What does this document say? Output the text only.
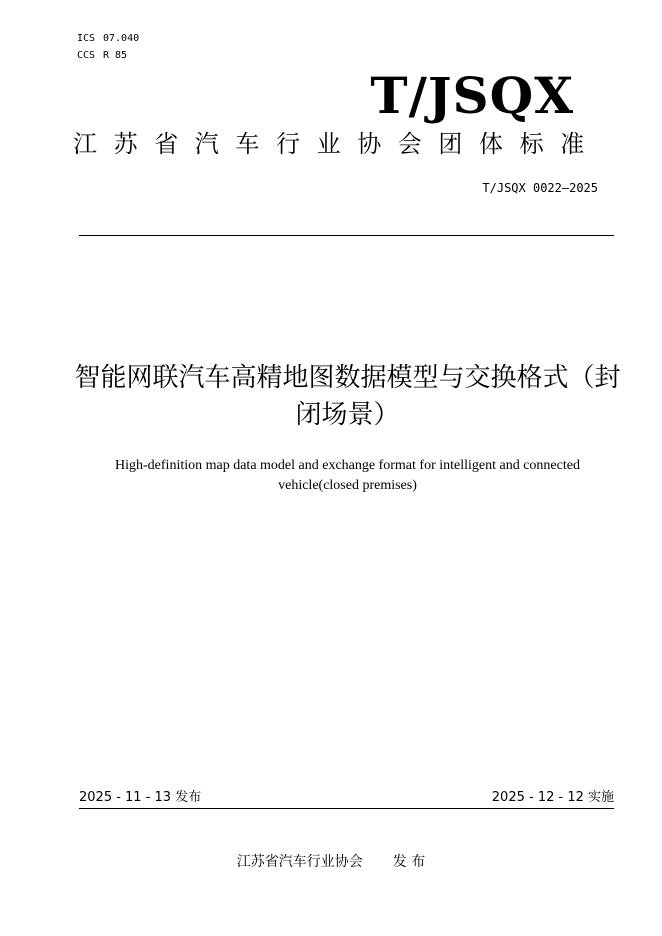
ICS 07.040
CCS R 85
T/JSQX
江苏省汽车行业协会团体标准
T/JSQX 0022—2025
智能网联汽车高精地图数据模型与交换格式（封闭场景）
High-definition map data model and exchange format for intelligent and connected vehicle(closed premises)
2025 - 11 - 13 发布	2025 - 12 - 12 实施
江苏省汽车行业协会 发 布
